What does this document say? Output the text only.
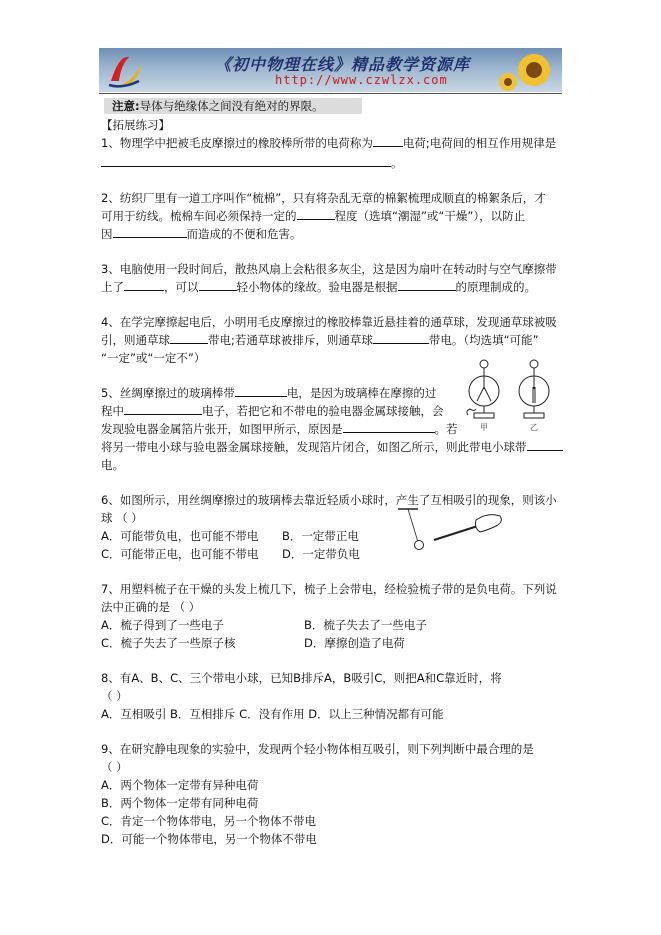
《初中物理在线》精品教学资源库
http://www.czwlzx.com
注意:导体与绝缘体之间没有绝对的界限。
【拓展练习】
1、物理学中把被毛皮摩擦过的橡胶棒所带的电荷称为	电荷;电荷间的相互作用规律是
。
2、纺织厂里有一道工序叫作“梳棉”，只有将杂乱无章的棉絮梳理成顺直的棉絮条后，才
可用于纺线。梳棉车间必须保持一定的	程度（选填“潮湿”或“干燥”），以防止
因	而造成的不便和危害。
3、电脑使用一段时间后，散热风扇上会粘很多灰尘，这是因为扇叶在转动时与空气摩擦带
上了	，可以	轻小物体的缘故。验电器是根据	的原理制成的。
4、在学完摩擦起电后，小明用毛皮摩擦过的橡胶棒靠近悬挂着的通草球，发现通草球被吸
引，则通草球	带电;若通草球被排斥，则通草球	带电。（均选填“可能”
“一定”或“一定不”）
5、丝绸摩擦过的玻璃棒带	电，是因为玻璃棒在摩擦的过
程中	电子，若把它和不带电的验电器金属球接触，会
发现验电器金属箔片张开，如图甲所示，原因是	。若
将另一带电小球与验电器金属球接触，发现箔片闭合，如图乙所示，则此带电小球带
电。
甲	乙
6、如图所示，用丝绸摩擦过的玻璃棒去靠近轻质小球时，产生了互相吸引的现象，则该小
球 （ ）
A．可能带负电，也可能不带电 B．一定带正电
C．可能带正电，也可能不带电 D．一定带负电
7、用塑料梳子在干燥的头发上梳几下，梳子上会带电，经检验梳子带的是负电荷。下列说
法中正确的是 （ ）
A．梳子得到了一些电子	B．梳子失去了一些电子
C．梳子失去了一些原子核	D．摩擦创造了电荷
8、有A、B、C、三个带电小球，已知B排斥A，B吸引C，则把A和C靠近时，将
（ ）
A．互相吸引 B．互相排斥 C．没有作用 D．以上三种情况都有可能
9、在研究静电现象的实验中，发现两个轻小物体相互吸引，则下列判断中最合理的是
（ ）
A．两个物体一定带有异种电荷
B．两个物体一定带有同种电荷
C．肯定一个物体带电，另一个物体不带电
D．可能一个物体带电，另一个物体不带电
